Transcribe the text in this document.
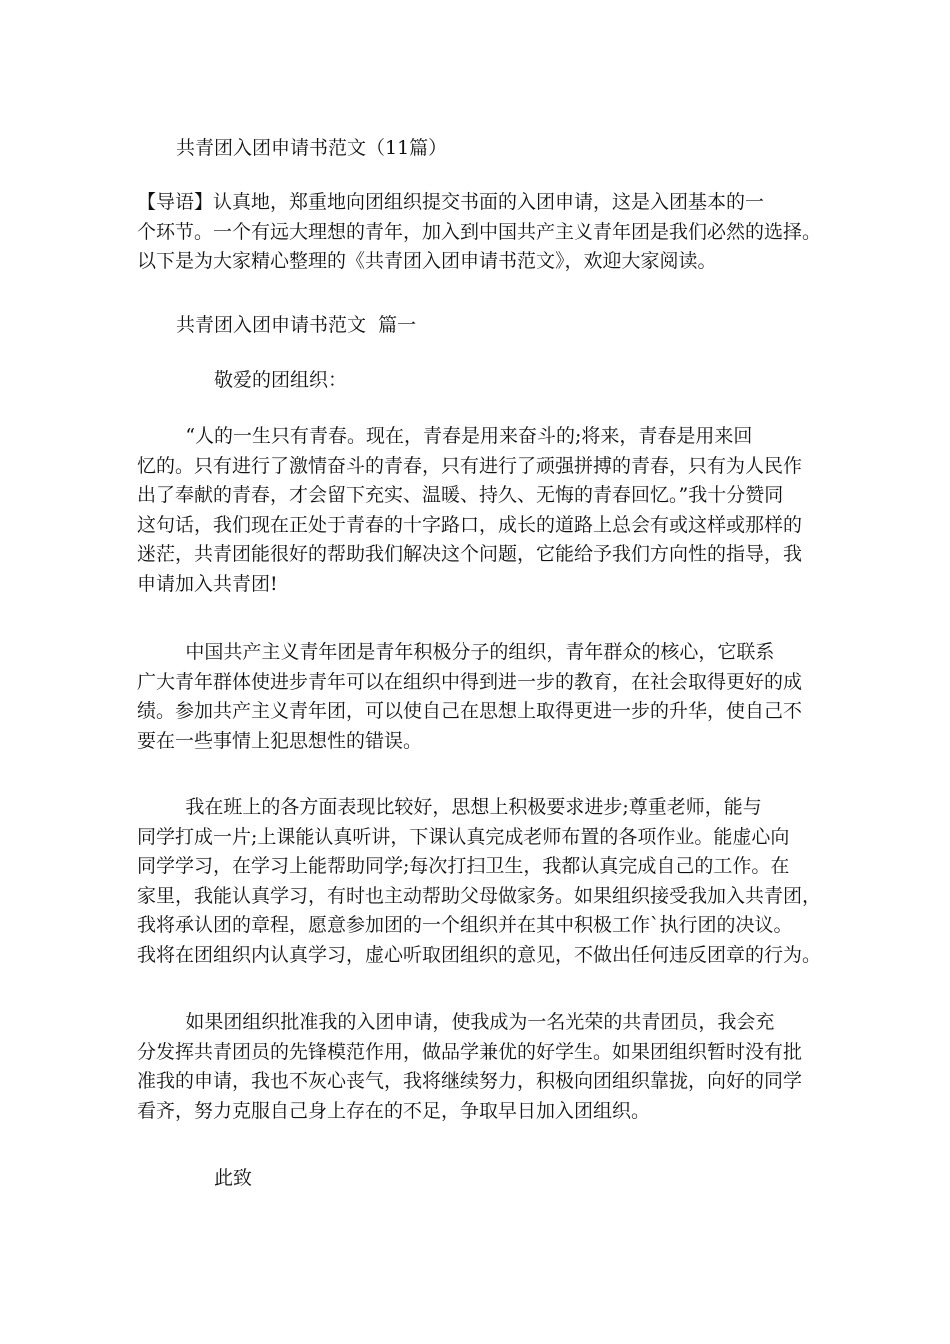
共青团入团申请书范文（11篇）
【导语】认真地，郑重地向团组织提交书面的入团申请，这是入团基本的一
个环节。一个有远大理想的青年，加入到中国共产主义青年团是我们必然的选择。
以下是为大家精心整理的《共青团入团申请书范文》，欢迎大家阅读。
共青团入团申请书范文  篇一
敬爱的团组织：
“人的一生只有青春。现在，青春是用来奋斗的;将来，青春是用来回
忆的。只有进行了激情奋斗的青春，只有进行了顽强拼搏的青春，只有为人民作
出了奉献的青春，才会留下充实、温暖、持久、无悔的青春回忆。”我十分赞同
这句话，我们现在正处于青春的十字路口，成长的道路上总会有或这样或那样的
迷茫，共青团能很好的帮助我们解决这个问题，它能给予我们方向性的指导，我
申请加入共青团!
中国共产主义青年团是青年积极分子的组织，青年群众的核心，它联系
广大青年群体使进步青年可以在组织中得到进一步的教育，在社会取得更好的成
绩。参加共产主义青年团，可以使自己在思想上取得更进一步的升华，使自己不
要在一些事情上犯思想性的错误。
我在班上的各方面表现比较好，思想上积极要求进步;尊重老师，能与
同学打成一片;上课能认真听讲，下课认真完成老师布置的各项作业。能虚心向
同学学习，在学习上能帮助同学;每次打扫卫生，我都认真完成自己的工作。在
家里，我能认真学习，有时也主动帮助父母做家务。如果组织接受我加入共青团，
我将承认团的章程，愿意参加团的一个组织并在其中积极工作`执行团的决议。
我将在团组织内认真学习，虚心听取团组织的意见，不做出任何违反团章的行为。
如果团组织批准我的入团申请，使我成为一名光荣的共青团员，我会充
分发挥共青团员的先锋模范作用，做品学兼优的好学生。如果团组织暂时没有批
准我的申请，我也不灰心丧气，我将继续努力，积极向团组织靠拢，向好的同学
看齐，努力克服自己身上存在的不足，争取早日加入团组织。
此致
